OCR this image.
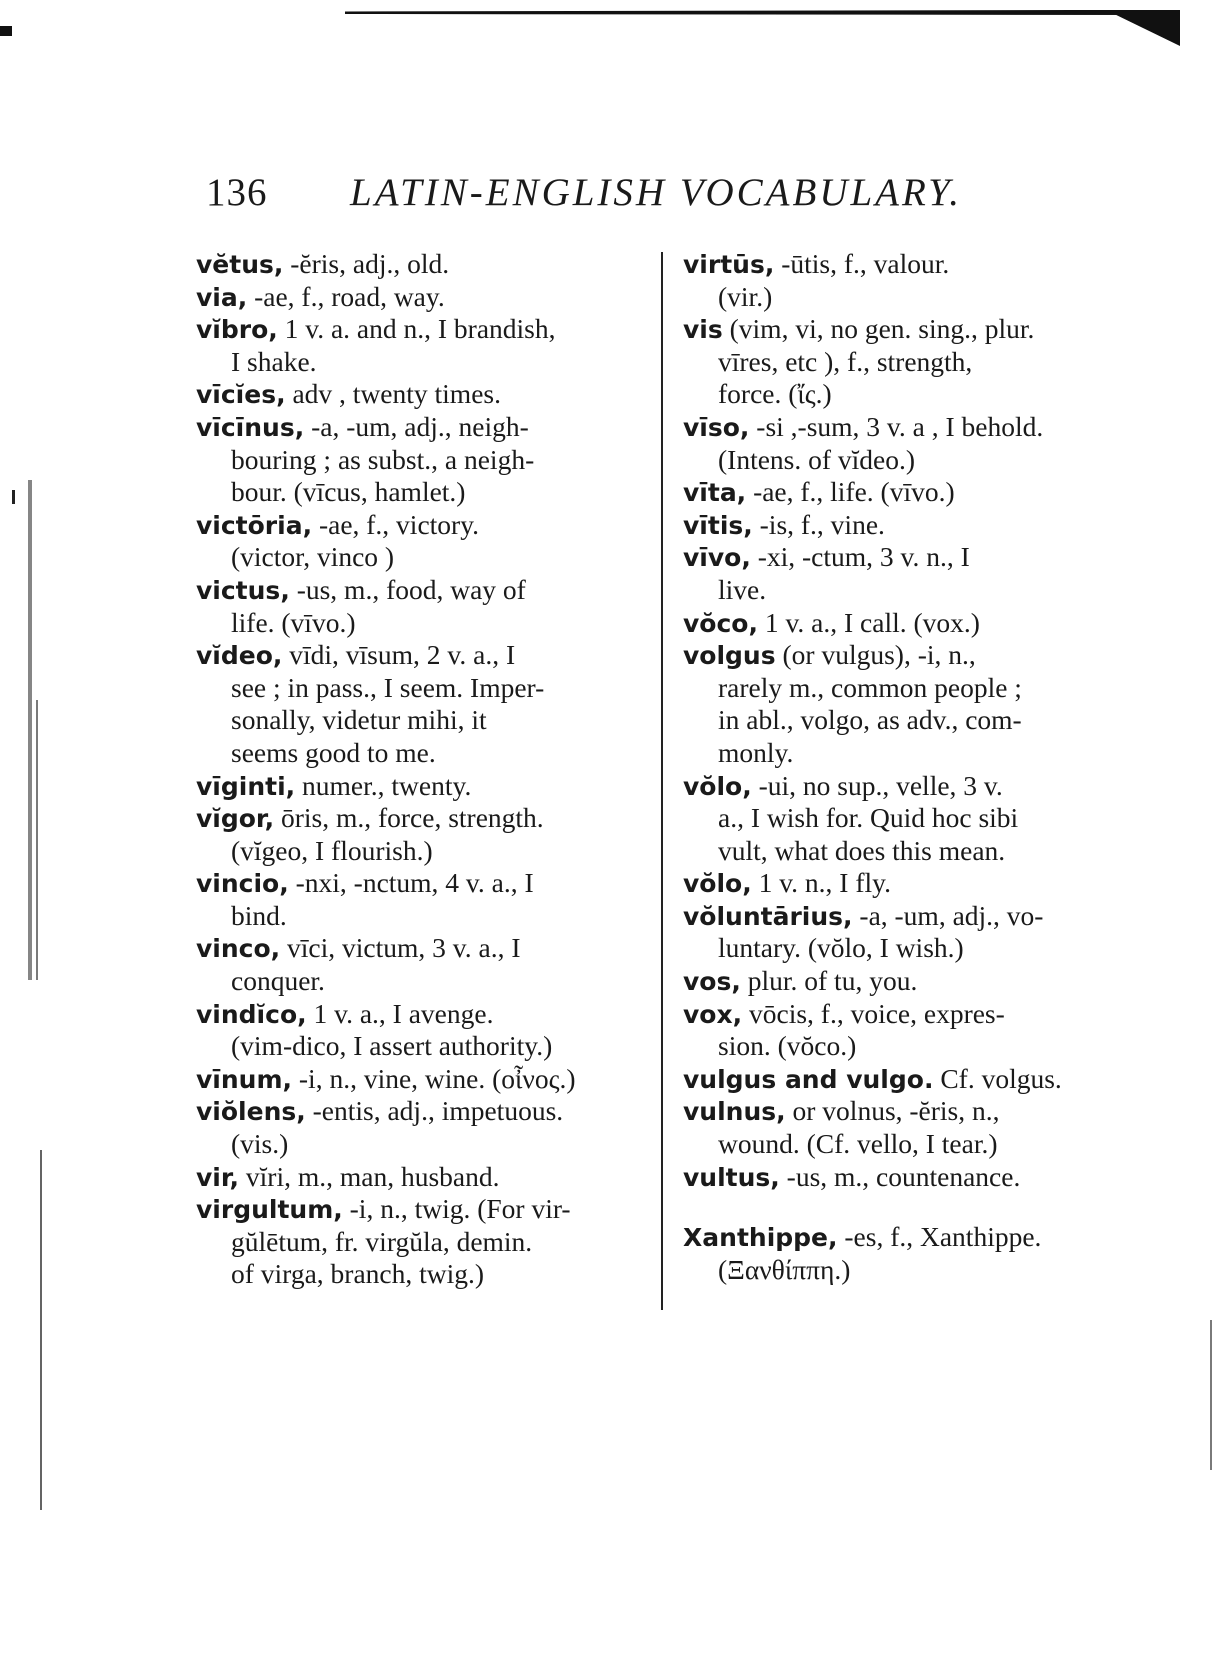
136 LATIN-ENGLISH VOCABULARY.
vĕtus, -ĕris, adj., old.
via, -ae, f., road, way.
vĭbro, 1 v. a. and n., I brandish,
I shake.
vīcĭes, adv , twenty times.
vīcīnus, -a, -um, adj., neigh-
bouring ; as subst., a neigh-
bour. (vīcus, hamlet.)
victōria, -ae, f., victory.
(victor, vinco )
victus, -us, m., food, way of
life. (vīvo.)
vĭdeo, vīdi, vīsum, 2 v. a., I
see ; in pass., I seem. Imper-
sonally, videtur mihi, it
seems good to me.
vīginti, numer., twenty.
vĭgor, ōris, m., force, strength.
(vĭgeo, I flourish.)
vincio, -nxi, -nctum, 4 v. a., I
bind.
vinco, vīci, victum, 3 v. a., I
conquer.
vindĭco, 1 v. a., I avenge.
(vim-dico, I assert authority.)
vīnum, -i, n., vine, wine. (οἶνος.)
viŏlens, -entis, adj., impetuous.
(vis.)
vir, vĭri, m., man, husband.
virgultum, -i, n., twig. (For vir-
gŭlētum, fr. virgŭla, demin.
of virga, branch, twig.)
virtūs, -ūtis, f., valour.
(vir.)
vis (vim, vi, no gen. sing., plur.
vīres, etc ), f., strength,
force. (ἴς.)
vīso, -si ,-sum, 3 v. a , I behold.
(Intens. of vĭdeo.)
vīta, -ae, f., life. (vīvo.)
vītis, -is, f., vine.
vīvo, -xi, -ctum, 3 v. n., I
live.
vŏco, 1 v. a., I call. (vox.)
volgus (or vulgus), -i, n.,
rarely m., common people ;
in abl., volgo, as adv., com-
monly.
vŏlo, -ui, no sup., velle, 3 v.
a., I wish for. Quid hoc sibi
vult, what does this mean.
vŏlo, 1 v. n., I fly.
vŏluntārius, -a, -um, adj., vo-
luntary. (vŏlo, I wish.)
vos, plur. of tu, you.
vox, vōcis, f., voice, expres-
sion. (vŏco.)
vulgus and vulgo. Cf. volgus.
vulnus, or volnus, -ĕris, n.,
wound. (Cf. vello, I tear.)
vultus, -us, m., countenance.
Xanthippe, -es, f., Xanthippe.
(Ξανθίππη.)
